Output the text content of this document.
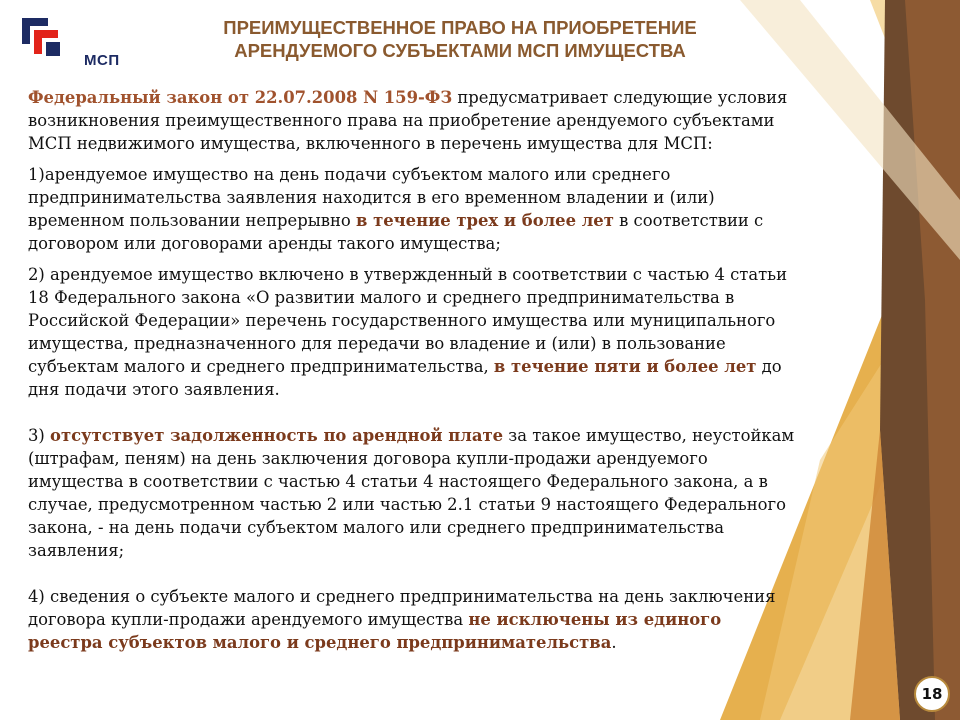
МСП
ПРЕИМУЩЕСТВЕННОЕ ПРАВО НА ПРИОБРЕТЕНИЕ
АРЕНДУЕМОГО СУБЪЕКТАМИ МСП ИМУЩЕСТВА

Федеральный закон от 22.07.2008 N 159-ФЗ предусматривает следующие условия возникновения преимущественного права на приобретение арендуемого субъектами МСП недвижимого имущества, включенного в перечень имущества для МСП:

1)арендуемое имущество на день подачи субъектом малого или среднего предпринимательства заявления находится в его временном владении и (или) временном пользовании непрерывно в течение трех и более лет в соответствии с договором или договорами аренды такого имущества;

2) арендуемое имущество включено в утвержденный в соответствии с частью 4 статьи 18 Федерального закона «О развитии малого и среднего предпринимательства в Российской Федерации» перечень государственного имущества или муниципального имущества, предназначенного для передачи во владение и (или) в пользование субъектам малого и среднего предпринимательства, в течение пяти и более лет до дня подачи этого заявления.

3) отсутствует задолженность по арендной плате за такое имущество, неустойкам (штрафам, пеням) на день заключения договора купли-продажи арендуемого имущества в соответствии с частью 4 статьи 4 настоящего Федерального закона, а в случае, предусмотренном частью 2 или частью 2.1 статьи 9 настоящего Федерального закона, - на день подачи субъектом малого или среднего предпринимательства заявления;

4) сведения о субъекте малого и среднего предпринимательства на день заключения договора купли-продажи арендуемого имущества не исключены из единого реестра субъектов малого и среднего предпринимательства.

18
